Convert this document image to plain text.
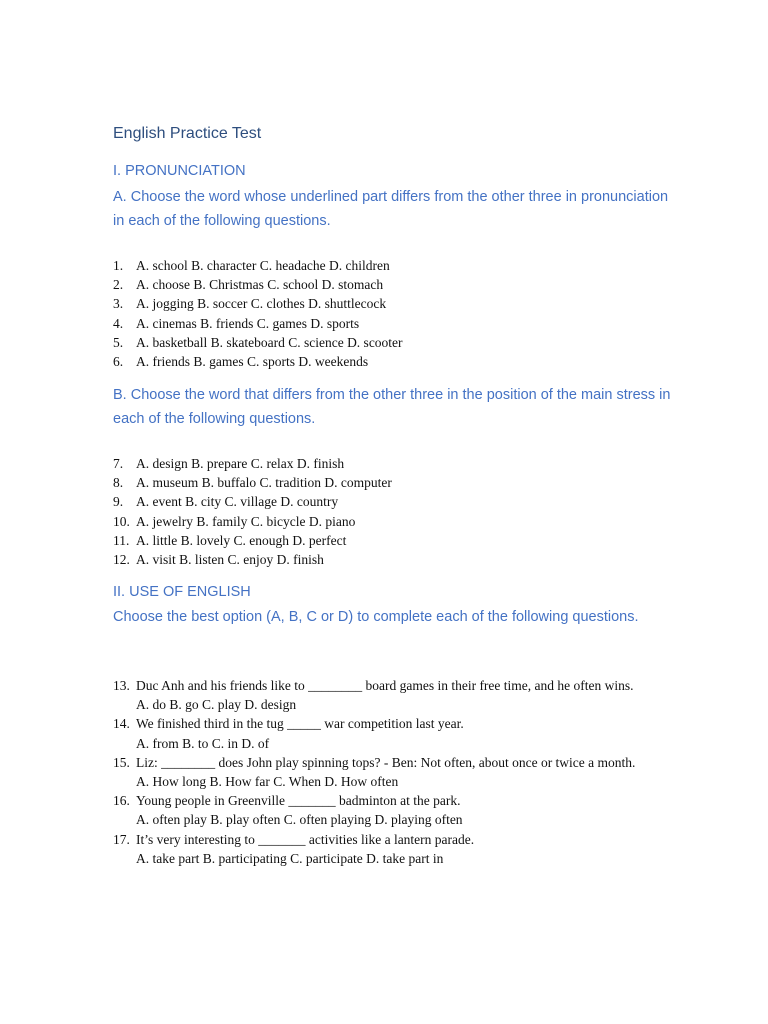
English Practice Test
I. PRONUNCIATION
A. Choose the word whose underlined part differs from the other three in pronunciation in each of the following questions.
1. A. school B. character C. headache D. children
2. A. choose B. Christmas C. school D. stomach
3. A. jogging B. soccer C. clothes D. shuttlecock
4. A. cinemas B. friends C. games D. sports
5. A. basketball B. skateboard C. science D. scooter
6. A. friends B. games C. sports D. weekends
B. Choose the word that differs from the other three in the position of the main stress in each of the following questions.
7. A. design B. prepare C. relax D. finish
8. A. museum B. buffalo C. tradition D. computer
9. A. event B. city C. village D. country
10. A. jewelry B. family C. bicycle D. piano
11. A. little B. lovely C. enough D. perfect
12. A. visit B. listen C. enjoy D. finish
II. USE OF ENGLISH
Choose the best option (A, B, C or D) to complete each of the following questions.
13. Duc Anh and his friends like to ________ board games in their free time, and he often wins.
A. do B. go C. play D. design
14. We finished third in the tug _____ war competition last year.
A. from B. to C. in D. of
15. Liz: ________ does John play spinning tops? - Ben: Not often, about once or twice a month.
A. How long B. How far C. When D. How often
16. Young people in Greenville _______ badminton at the park.
A. often play B. play often C. often playing D. playing often
17. It’s very interesting to _______ activities like a lantern parade.
A. take part B. participating C. participate D. take part in
